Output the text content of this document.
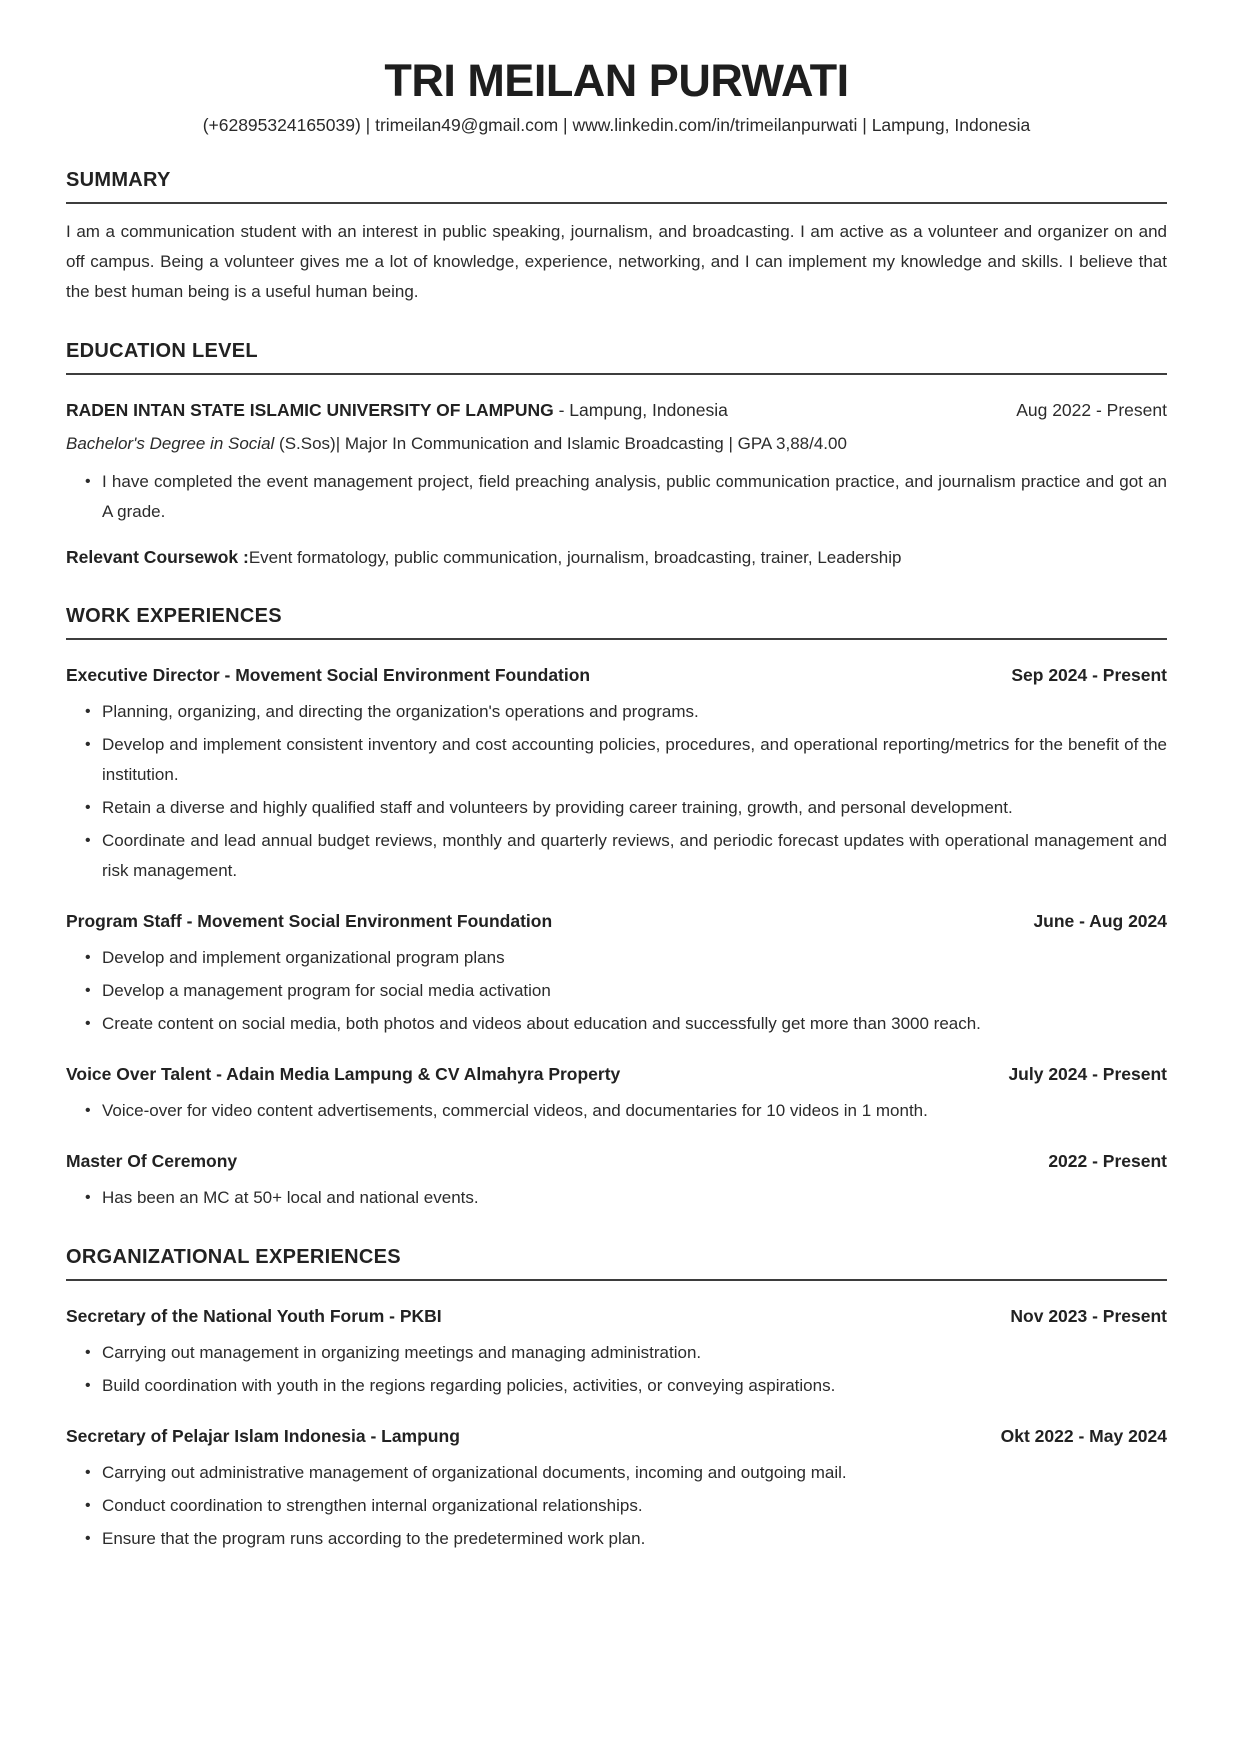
TRI MEILAN PURWATI
(+62895324165039) | trimeilan49@gmail.com | www.linkedin.com/in/trimeilanpurwati | Lampung, Indonesia
SUMMARY

I am a communication student with an interest in public speaking, journalism, and broadcasting. I am active as a volunteer and organizer on and off campus. Being a volunteer gives me a lot of knowledge, experience, networking, and I can implement my knowledge and skills. I believe that the best human being is a useful human being.

EDUCATION LEVEL
RADEN INTAN STATE ISLAMIC UNIVERSITY OF LAMPUNG - Lampung, Indonesia	Aug 2022 - Present
Bachelor's Degree in Social (S.Sos)| Major In Communication and Islamic Broadcasting | GPA 3,88/4.00
• I have completed the event management project, field preaching analysis, public communication practice, and journalism practice and got an A grade.
Relevant Coursewok :Event formatology, public communication, journalism, broadcasting, trainer, Leadership
WORK EXPERIENCES
Executive Director - Movement Social Environment Foundation	Sep 2024 - Present
• Planning, organizing, and directing the organization's operations and programs.
• Develop and implement consistent inventory and cost accounting policies, procedures, and operational reporting/metrics for the benefit of the institution.
• Retain a diverse and highly qualified staff and volunteers by providing career training, growth, and personal development.
• Coordinate and lead annual budget reviews, monthly and quarterly reviews, and periodic forecast updates with operational management and risk management.
Program Staff - Movement Social Environment Foundation	June - Aug 2024
• Develop and implement organizational program plans
• Develop a management program for social media activation
• Create content on social media, both photos and videos about education and successfully get more than 3000 reach.
Voice Over Talent - Adain Media Lampung & CV Almahyra Property	July 2024 - Present
• Voice-over for video content advertisements, commercial videos, and documentaries for 10 videos in 1 month.
Master Of Ceremony	2022 - Present
• Has been an MC at 50+ local and national events.
ORGANIZATIONAL EXPERIENCES
Secretary of the National Youth Forum - PKBI	Nov 2023 - Present
• Carrying out management in organizing meetings and managing administration.
• Build coordination with youth in the regions regarding policies, activities, or conveying aspirations.
Secretary of Pelajar Islam Indonesia - Lampung	Okt 2022 - May 2024
• Carrying out administrative management of organizational documents, incoming and outgoing mail.
• Conduct coordination to strengthen internal organizational relationships.
• Ensure that the program runs according to the predetermined work plan.
